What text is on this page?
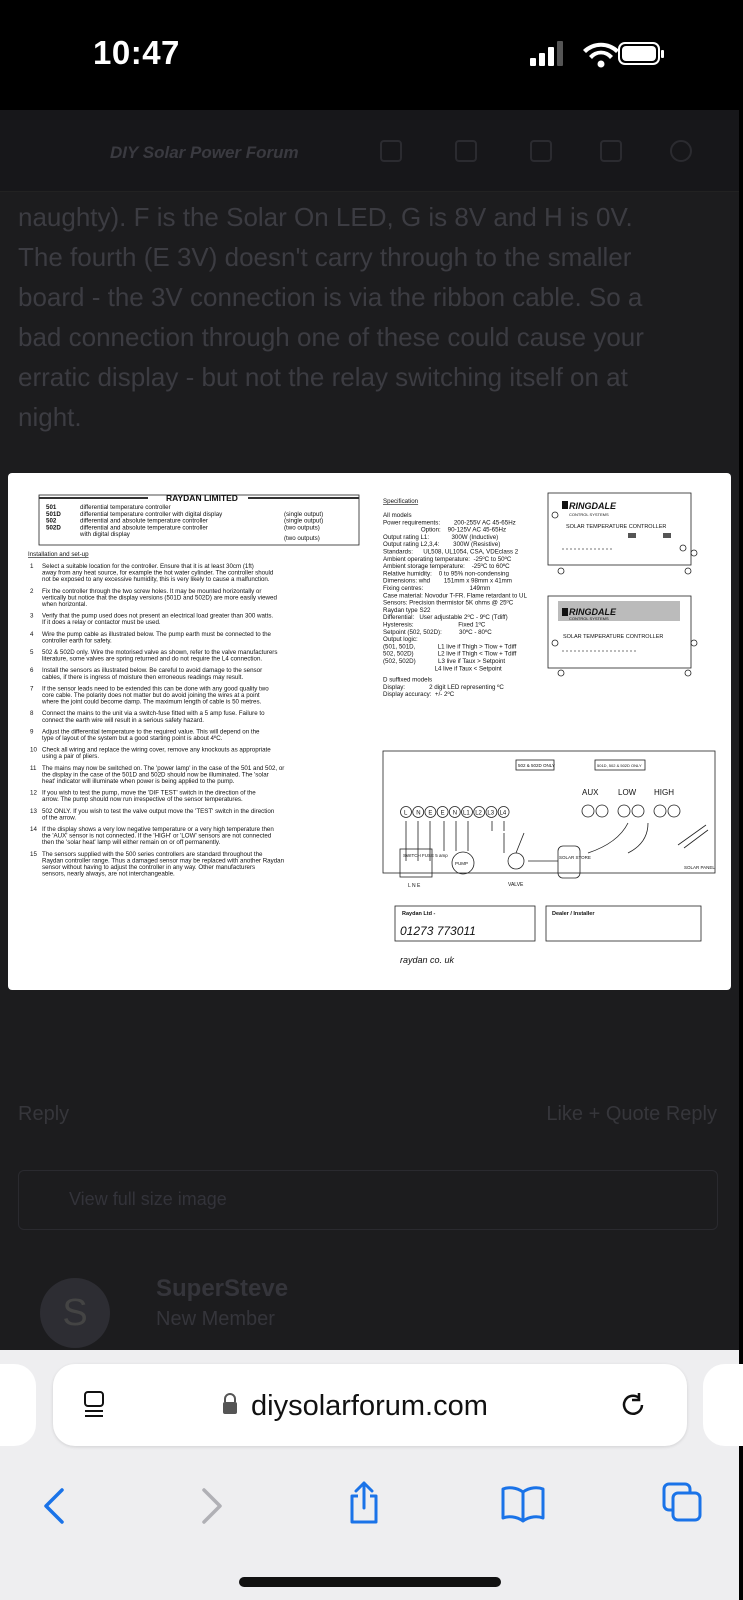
10:47
DIY Solar Power Forum
naughty). F is the Solar On LED, G is 8V and H is 0V.
The fourth (E 3V) doesn't carry through to the smaller
board - the 3V connection is via the ribbon cable. So a
bad connection through one of these could cause your
erratic display - but not the relay switching itself on at
night.
Reply	Like + Quote Reply
View full size image
S
SuperSteve
New Member
RAYDAN LIMITED
501	differential temperature controller
501D	differential temperature controller with digital display	(single output)
502	differential and absolute temperature controller	(single output)
502D	differential and absolute temperature controller	(two outputs)
with digital display
(two outputs)
Installation and set-up
1 Select a suitable location for the controller. Ensure that it is at least 30cm (1ft) away from any heat source, for example the hot water cylinder. The controller should not be exposed to any excessive humidity, this is very likely to cause a malfunction.
2 Fix the controller through the two screw holes. It may be mounted horizontally or vertically but notice that the display versions (501D and 502D) are more easily viewed when horizontal.
3 Verify that the pump used does not present an electrical load greater than 300 watts. If it does a relay or contactor must be used.
4 Wire the pump cable as illustrated below. The pump earth must be connected to the controller earth for safety.
5 502 & 502D only. Wire the motorised valve as shown, refer to the valve manufacturers literature, some valves are spring returned and do not require the L4 connection.
6 Install the sensors as illustrated below. Be careful to avoid damage to the sensor cables, if there is ingress of moisture then erroneous readings may result.
7 If the sensor leads need to be extended this can be done with any good quality two core cable. The polarity does not matter but do avoid joining the wires at a point where the joint could become damp. The maximum length of cable is 50 metres.
8 Connect the mains to the unit via a switch-fuse fitted with a 5 amp fuse. Failure to connect the earth wire will result in a serious safety hazard.
9 Adjust the differential temperature to the required value. This will depend on the type of layout of the system but a good starting point is about 4ºC.
10 Check all wiring and replace the wiring cover, remove any knockouts as appropriate using a pair of pliers.
11 The mains may now be switched on. The 'power lamp' in the case of the 501 and 502, or the display in the case of the 501D and 502D should now be illuminated. The 'solar heat' indicator will illuminate when power is being applied to the pump.
12 If you wish to test the pump, move the 'DIF TEST' switch in the direction of the arrow. The pump should now run irrespective of the sensor temperatures.
13 502 ONLY. If you wish to test the valve output move the 'TEST' switch in the direction of the arrow.
14 If the display shows a very low negative temperature or a very high temperature then the 'AUX' sensor is not connected. If the 'HIGH' or 'LOW' sensors are not connected then the 'solar heat' lamp will either remain on or off permanently.
15 The sensors supplied with the 500 series controllers are standard throughout the Raydan controller range. Thus a damaged sensor may be replaced with another Raydan sensor without having to adjust the controller in any way. Other manufacturers sensors, nearly always, are not interchangeable.
Specification
All models
Power requirements:        200-255V AC 45-65Hz
Option:    90-125V AC 45-65Hz
Output rating L1:             300W (Inductive)
Output rating L2,3,4:        300W (Resistive)
Standards:      UL508, UL1054, CSA, VDEclass 2
Ambient operating temperature:  -25ºC to 50ºC
Ambient storage temperature:    -25ºC to 60ºC
Relative humidity:    0 to 95% non-condensing
Dimensions: whd        151mm x 98mm x 41mm
Fixing centres:                           149mm
Case material: Novodur T-FR. Flame retardant to UL
Sensors: Precision thermistor 5K ohms @ 25ºC
Raydan type S22
Differential:   User adjustable 2ºC - 9ºC (Tdiff)
Hysteresis:                          Fixed 1ºC
Setpoint (502, 502D):          30ºC - 80ºC
Output logic:
(501, 501D,             L1 live if Thigh > Tlow + Tdiff
502, 502D)              L2 live if Thigh < Tlow + Tdiff
(502, 502D)             L3 live if Taux > Setpoint
L4 live if Taux < Setpoint
D suffixed models
Display:              2 digit LED representing ºC
Display accuracy:  +/- 2ºC
RINGDALE
CONTROL SYSTEMS
SOLAR TEMPERATURE CONTROLLER
RINGDALE
CONTROL SYSTEMS
SOLAR TEMPERATURE CONTROLLER
502 & 502D ONLY	501D, 502 & 502D ONLY
L N E E N L1 L2 L3 L4
AUX LOW HIGH
SWITCH FUSE 5 amp
PUMP
VALVE
SOLAR STORE
SOLAR PANEL
L N E
Raydan Ltd -
01273 773011
Dealer / Installer
raydan co. uk
diysolarforum.com
